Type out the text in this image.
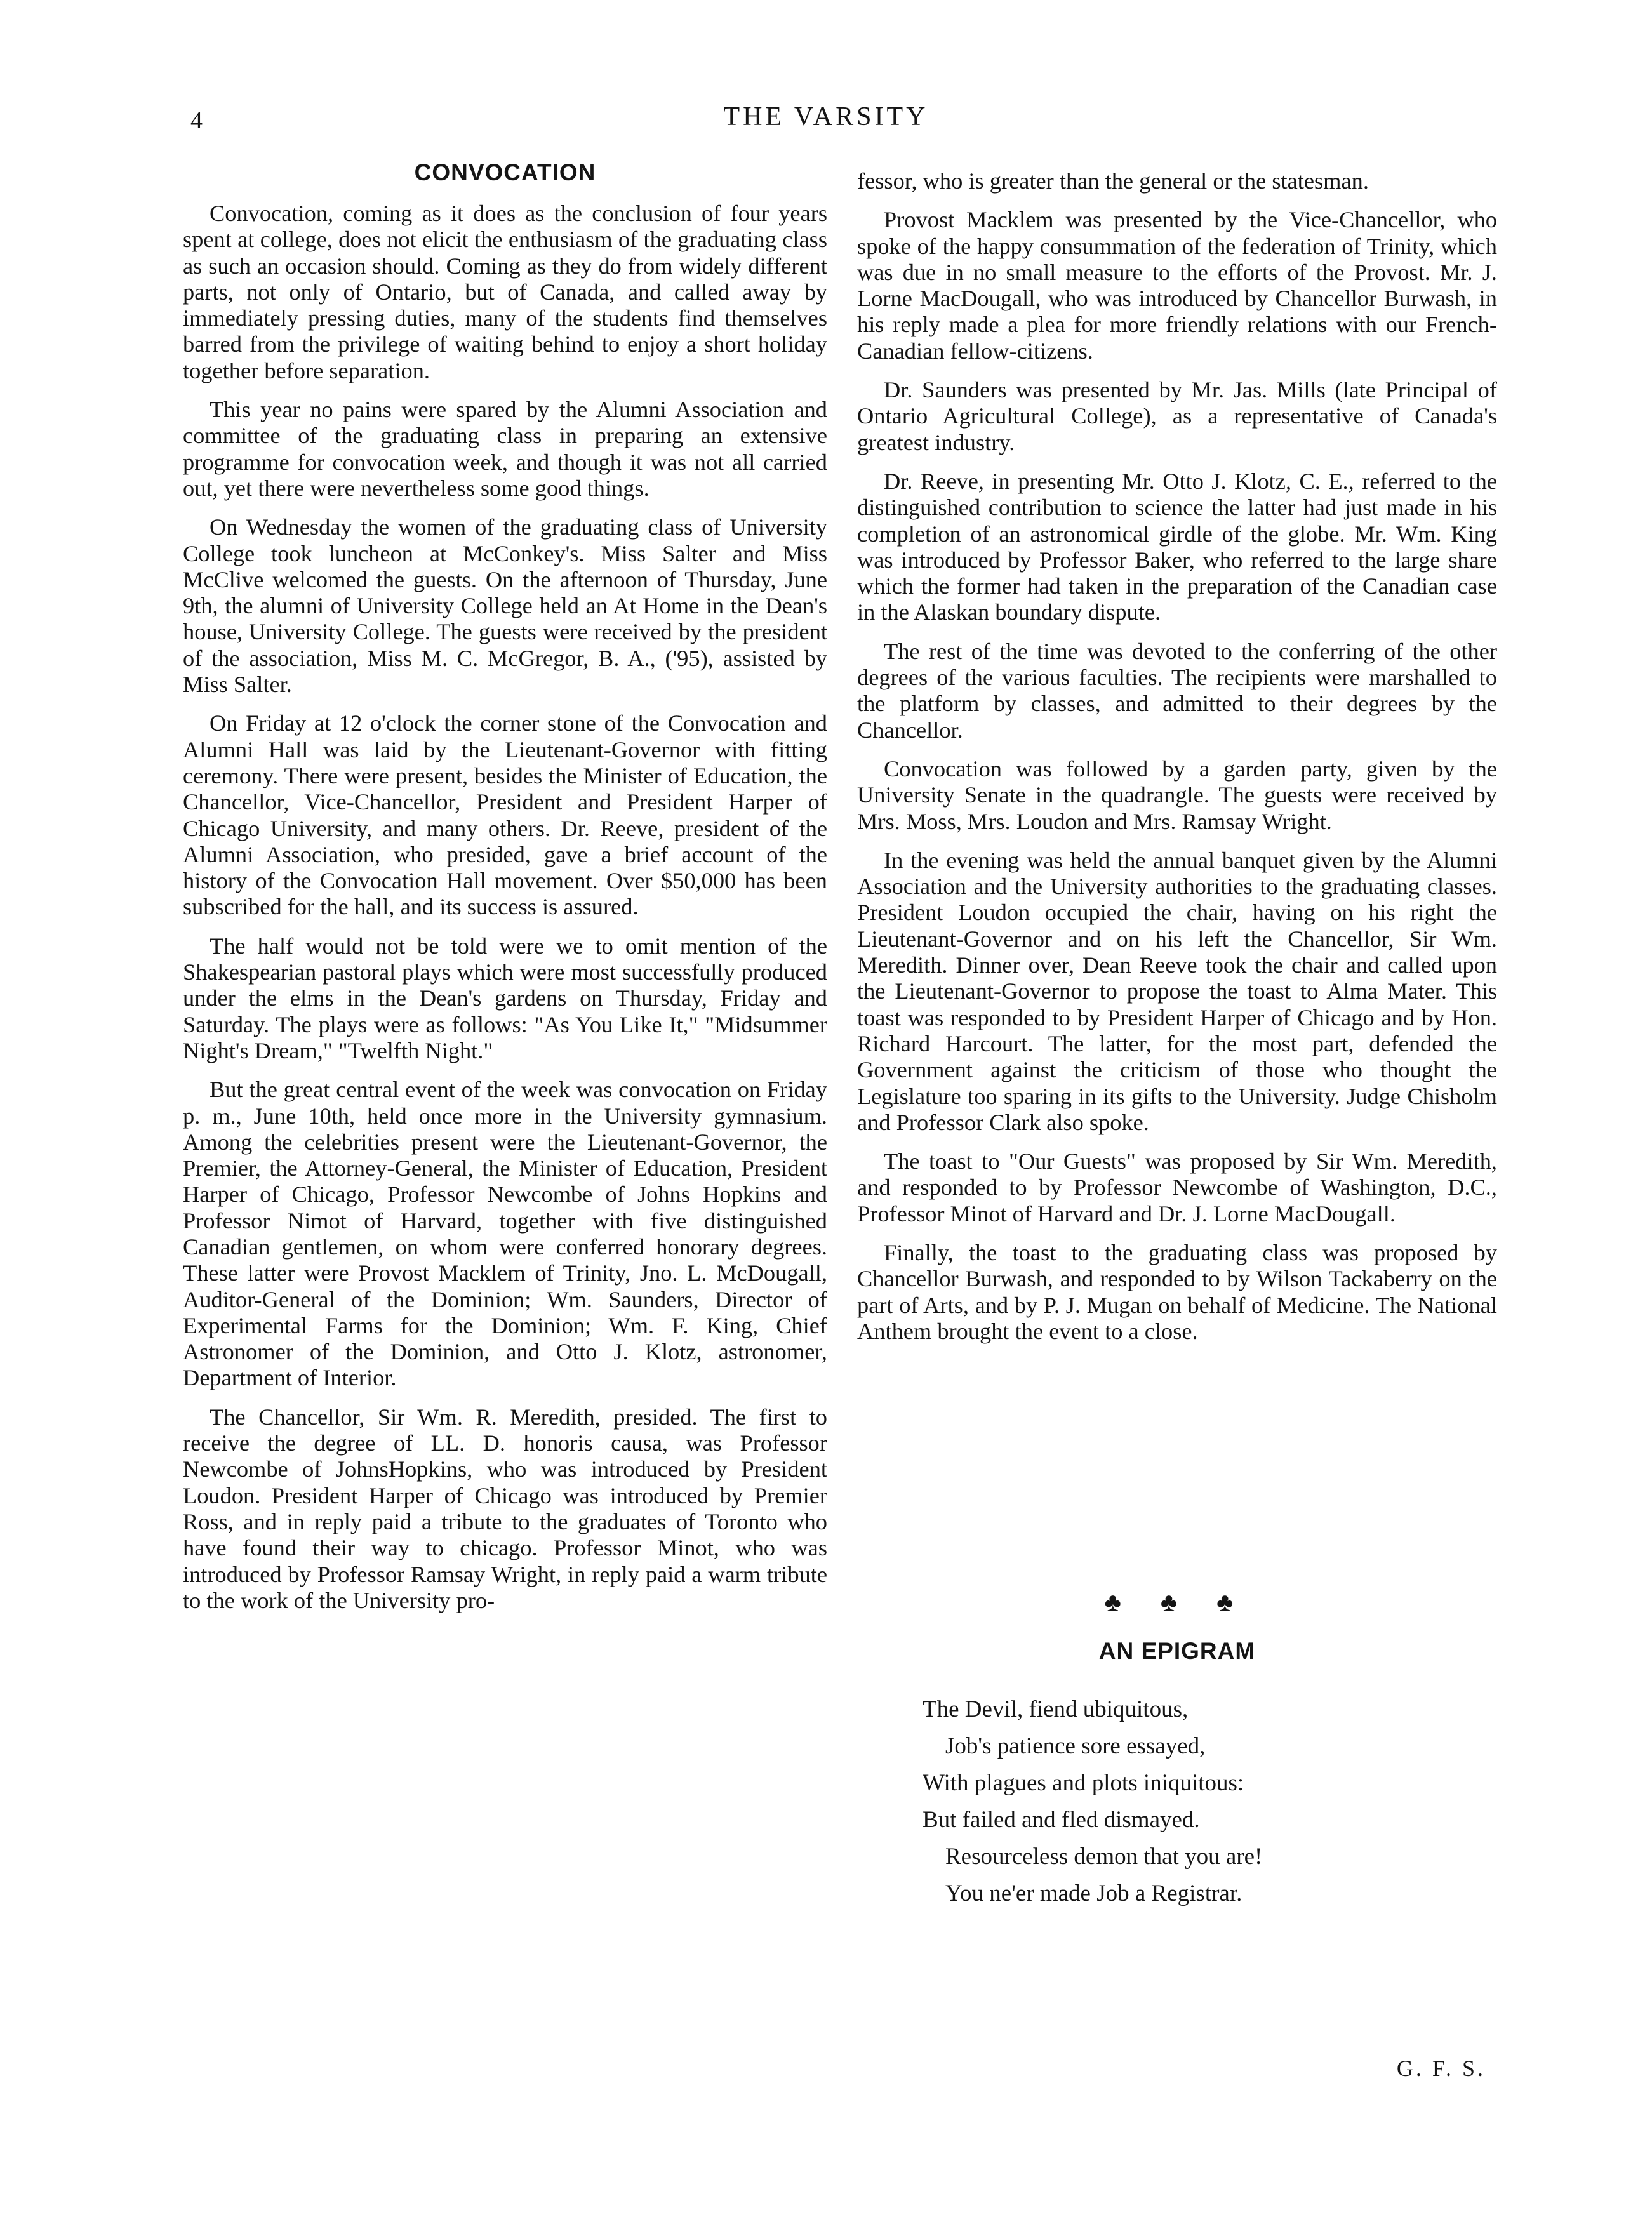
4	THE VARSITY
CONVOCATION

Convocation, coming as it does as the conclusion of four years spent at college, does not elicit the enthusiasm of the graduating class as such an occasion should. Coming as they do from widely different parts, not only of Ontario, but of Canada, and called away by immediately pressing duties, many of the students find themselves barred from the privilege of waiting behind to enjoy a short holiday together before separation.

This year no pains were spared by the Alumni Association and committee of the graduating class in preparing an extensive programme for convocation week, and though it was not all carried out, yet there were nevertheless some good things.

On Wednesday the women of the graduating class of University College took luncheon at McConkey's. Miss Salter and Miss McClive welcomed the guests. On the afternoon of Thursday, June 9th, the alumni of University College held an At Home in the Dean's house, University College. The guests were received by the president of the association, Miss M. C. McGregor, B. A., ('95), assisted by Miss Salter.

On Friday at 12 o'clock the corner stone of the Convocation and Alumni Hall was laid by the Lieutenant-Governor with fitting ceremony. There were present, besides the Minister of Education, the Chancellor, Vice-Chancellor, President and President Harper of Chicago University, and many others. Dr. Reeve, president of the Alumni Association, who presided, gave a brief account of the history of the Convocation Hall movement. Over $50,000 has been subscribed for the hall, and its success is assured.

The half would not be told were we to omit mention of the Shakespearian pastoral plays which were most successfully produced under the elms in the Dean's gardens on Thursday, Friday and Saturday. The plays were as follows: "As You Like It," "Midsummer Night's Dream," "Twelfth Night."

But the great central event of the week was convocation on Friday p. m., June 10th, held once more in the University gymnasium. Among the celebrities present were the Lieutenant-Governor, the Premier, the Attorney-General, the Minister of Education, President Harper of Chicago, Professor Newcombe of Johns Hopkins and Professor Nimot of Harvard, together with five distinguished Canadian gentlemen, on whom were conferred honorary degrees. These latter were Provost Macklem of Trinity, Jno. L. McDougall, Auditor-General of the Dominion; Wm. Saunders, Director of Experimental Farms for the Dominion; Wm. F. King, Chief Astronomer of the Dominion, and Otto J. Klotz, astronomer, Department of Interior.

The Chancellor, Sir Wm. R. Meredith, presided. The first to receive the degree of LL. D. honoris causa, was Professor Newcombe of JohnsHopkins, who was introduced by President Loudon. President Harper of Chicago was introduced by Premier Ross, and in reply paid a tribute to the graduates of Toronto who have found their way to chicago. Professor Minot, who was introduced by Professor Ramsay Wright, in reply paid a warm tribute to the work of the University pro-

fessor, who is greater than the general or the statesman.

Provost Macklem was presented by the Vice-Chancellor, who spoke of the happy consummation of the federation of Trinity, which was due in no small measure to the efforts of the Provost. Mr. J. Lorne MacDougall, who was introduced by Chancellor Burwash, in his reply made a plea for more friendly relations with our French-Canadian fellow-citizens.

Dr. Saunders was presented by Mr. Jas. Mills (late Principal of Ontario Agricultural College), as a representative of Canada's greatest industry.

Dr. Reeve, in presenting Mr. Otto J. Klotz, C. E., referred to the distinguished contribution to science the latter had just made in his completion of an astronomical girdle of the globe. Mr. Wm. King was introduced by Professor Baker, who referred to the large share which the former had taken in the preparation of the Canadian case in the Alaskan boundary dispute.

The rest of the time was devoted to the conferring of the other degrees of the various faculties. The recipients were marshalled to the platform by classes, and admitted to their degrees by the Chancellor.

Convocation was followed by a garden party, given by the University Senate in the quadrangle. The guests were received by Mrs. Moss, Mrs. Loudon and Mrs. Ramsay Wright.

In the evening was held the annual banquet given by the Alumni Association and the University authorities to the graduating classes. President Loudon occupied the chair, having on his right the Lieutenant-Governor and on his left the Chancellor, Sir Wm. Meredith. Dinner over, Dean Reeve took the chair and called upon the Lieutenant-Governor to propose the toast to Alma Mater. This toast was responded to by President Harper of Chicago and by Hon. Richard Harcourt. The latter, for the most part, defended the Government against the criticism of those who thought the Legislature too sparing in its gifts to the University. Judge Chisholm and Professor Clark also spoke.

The toast to "Our Guests" was proposed by Sir Wm. Meredith, and responded to by Professor Newcombe of Washington, D.C., Professor Minot of Harvard and Dr. J. Lorne MacDougall.

Finally, the toast to the graduating class was proposed by Chancellor Burwash, and responded to by Wilson Tackaberry on the part of Arts, and by P. J. Mugan on behalf of Medicine. The National Anthem brought the event to a close.

♣ ♣ ♣
AN EPIGRAM
The Devil, fiend ubiquitous,
Job's patience sore essayed,
With plagues and plots iniquitous:
But failed and fled dismayed.
Resourceless demon that you are!
You ne'er made Job a Registrar.
G. F. S.
